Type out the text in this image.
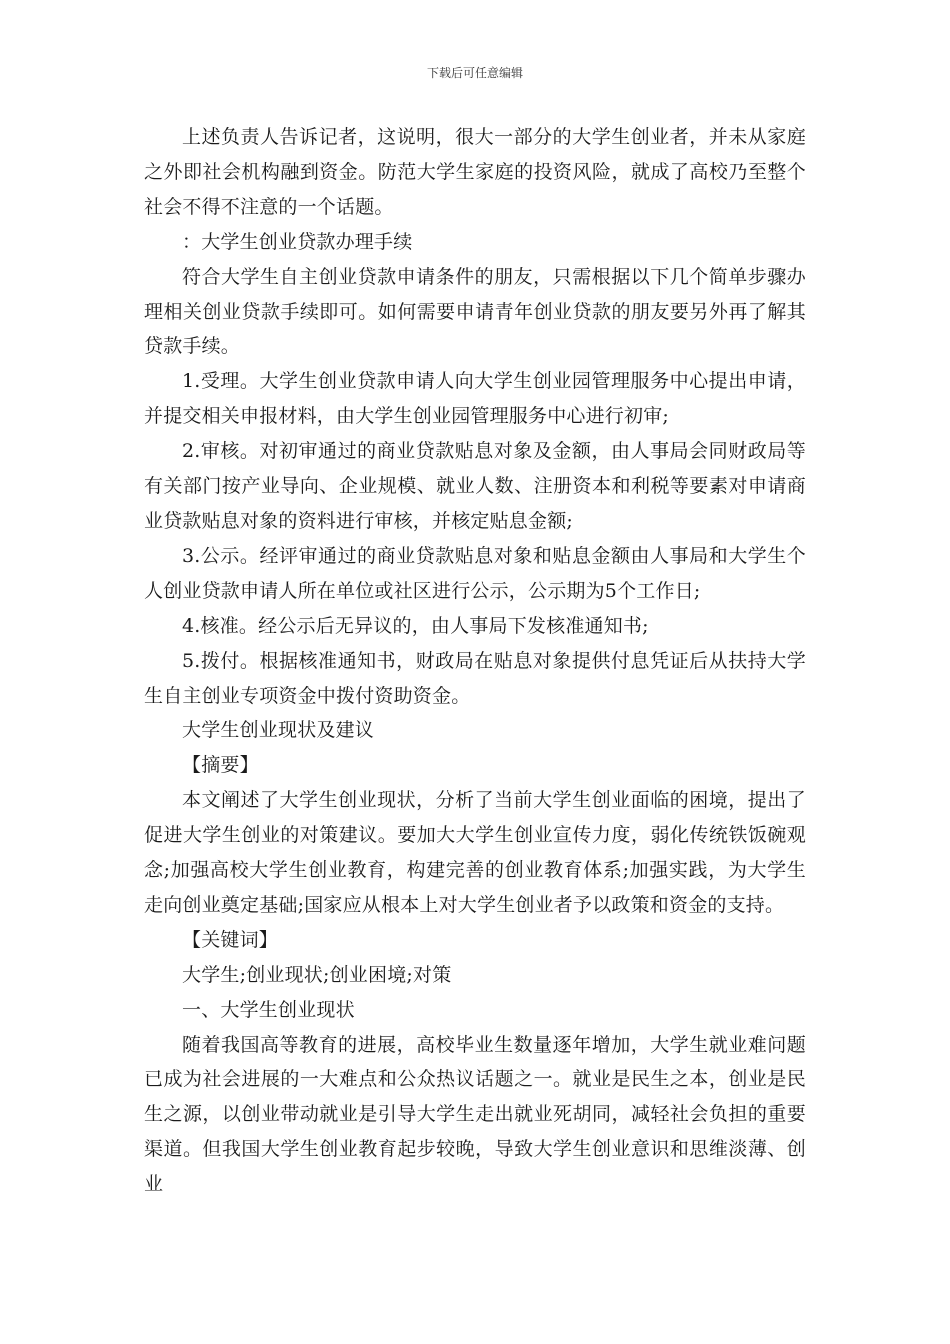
下载后可任意编辑

上述负责人告诉记者，这说明，很大一部分的大学生创业者，并未从家庭之外即社会机构融到资金。防范大学生家庭的投资风险，就成了高校乃至整个社会不得不注意的一个话题。

：大学生创业贷款办理手续

符合大学生自主创业贷款申请条件的朋友，只需根据以下几个简单步骤办理相关创业贷款手续即可。如何需要申请青年创业贷款的朋友要另外再了解其贷款手续。

1.受理。大学生创业贷款申请人向大学生创业园管理服务中心提出申请，并提交相关申报材料，由大学生创业园管理服务中心进行初审;

2.审核。对初审通过的商业贷款贴息对象及金额，由人事局会同财政局等有关部门按产业导向、企业规模、就业人数、注册资本和利税等要素对申请商业贷款贴息对象的资料进行审核，并核定贴息金额;

3.公示。经评审通过的商业贷款贴息对象和贴息金额由人事局和大学生个人创业贷款申请人所在单位或社区进行公示，公示期为5个工作日;

4.核准。经公示后无异议的，由人事局下发核准通知书;

5.拨付。根据核准通知书，财政局在贴息对象提供付息凭证后从扶持大学生自主创业专项资金中拨付资助资金。

大学生创业现状及建议

【摘要】

本文阐述了大学生创业现状，分析了当前大学生创业面临的困境，提出了促进大学生创业的对策建议。要加大大学生创业宣传力度，弱化传统铁饭碗观念;加强高校大学生创业教育，构建完善的创业教育体系;加强实践，为大学生走向创业奠定基础;国家应从根本上对大学生创业者予以政策和资金的支持。

【关键词】

大学生;创业现状;创业困境;对策

一、大学生创业现状

随着我国高等教育的进展，高校毕业生数量逐年增加，大学生就业难问题已成为社会进展的一大难点和公众热议话题之一。就业是民生之本，创业是民生之源，以创业带动就业是引导大学生走出就业死胡同，减轻社会负担的重要渠道。但我国大学生创业教育起步较晚，导致大学生创业意识和思维淡薄、创业
